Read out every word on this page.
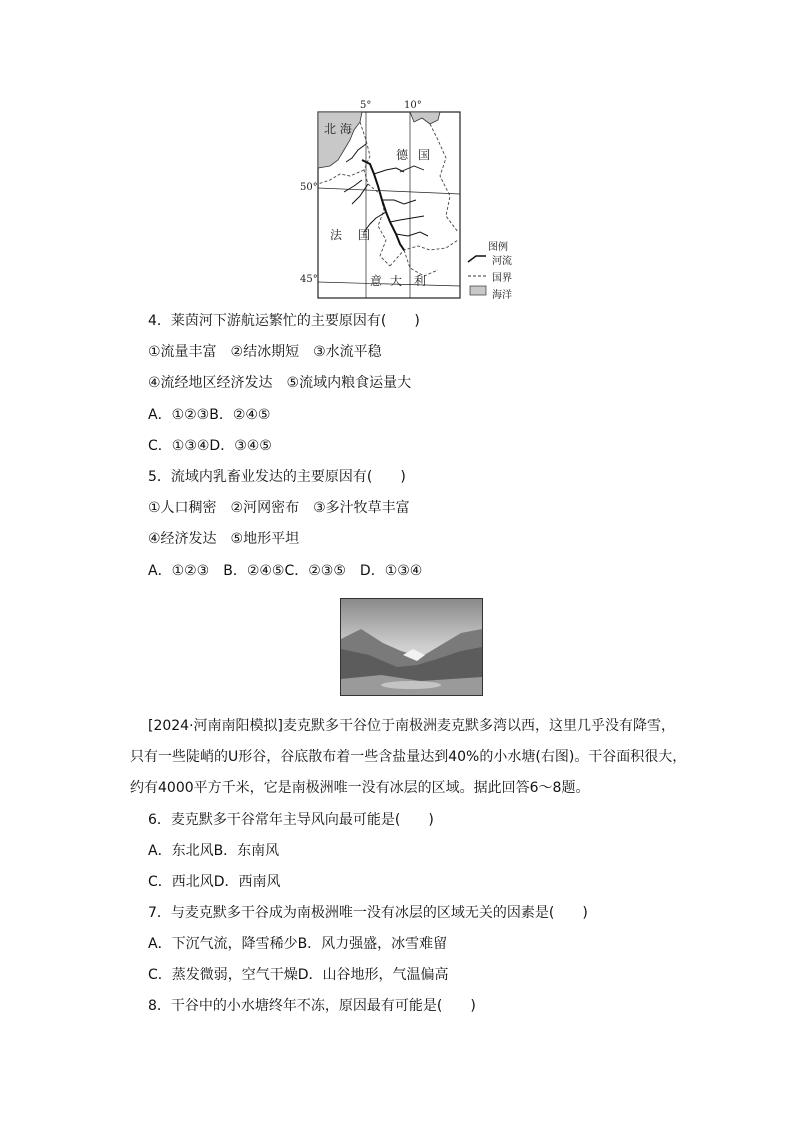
5°	10°
50°
45°
北 海
德 国
法 国
意 大 利
图例
河流
国界
海洋
4．莱茵河下游航运繁忙的主要原因有(　　)
①流量丰富　②结冰期短　③水流平稳
④流经地区经济发达　⑤流域内粮食运量大
A．①②③B．②④⑤
C．①③④D．③④⑤
5．流域内乳畜业发达的主要原因有(　　)
①人口稠密　②河网密布　③多汁牧草丰富
④经济发达　⑤地形平坦
A．①②③　B．②④⑤C．②③⑤　D．①③④
[2024·河南南阳模拟]麦克默多干谷位于南极洲麦克默多湾以西，这里几乎没有降雪，
只有一些陡峭的U形谷，谷底散布着一些含盐量达到40%的小水塘(右图)。干谷面积很大，
约有4000平方千米，它是南极洲唯一没有冰层的区域。据此回答6～8题。
6．麦克默多干谷常年主导风向最可能是(　　)
A．东北风B．东南风
C．西北风D．西南风
7．与麦克默多干谷成为南极洲唯一没有冰层的区域无关的因素是(　　)
A．下沉气流，降雪稀少B．风力强盛，冰雪难留
C．蒸发微弱，空气干燥D．山谷地形，气温偏高
8．干谷中的小水塘终年不冻，原因最有可能是(　　)
